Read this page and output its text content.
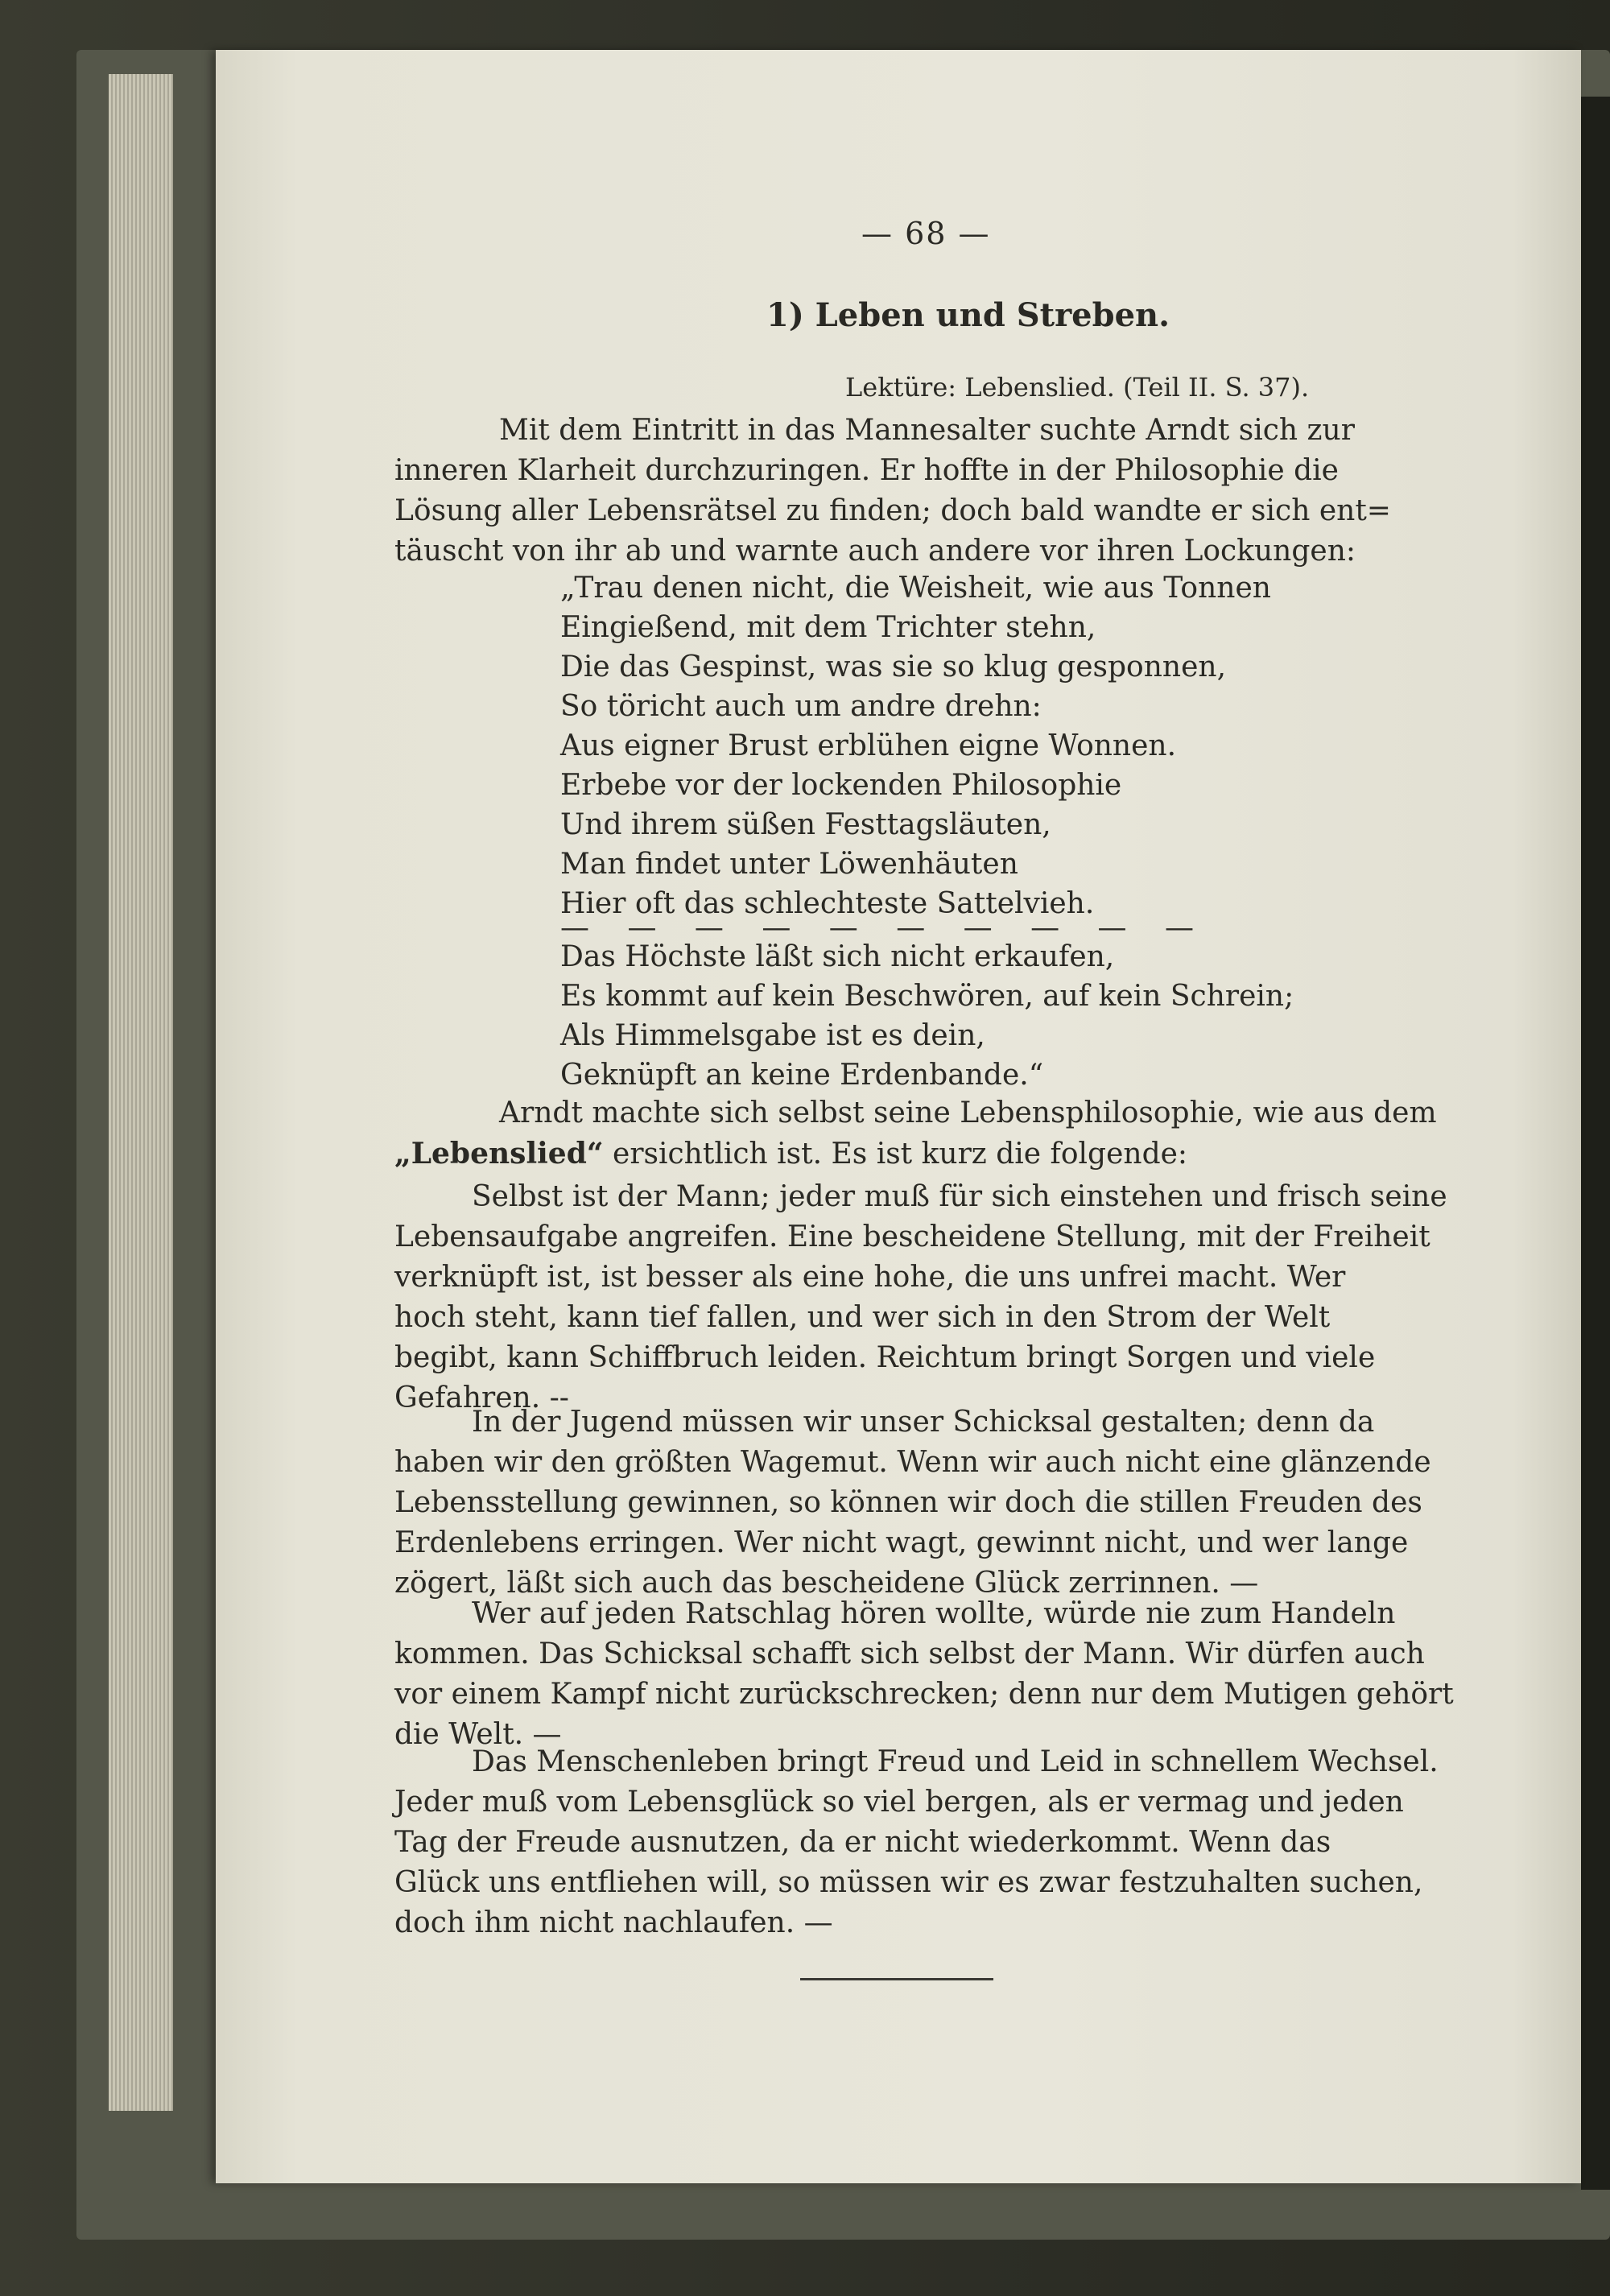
— 68 —
1) Leben und Streben.
Lektüre: Lebenslied. (Teil II. S. 37).
Mit dem Eintritt in das Mannesalter suchte Arndt sich zur
inneren Klarheit durchzuringen. Er hoffte in der Philosophie die
Lösung aller Lebensrätsel zu finden; doch bald wandte er sich ent=
täuscht von ihr ab und warnte auch andere vor ihren Lockungen:
„Trau denen nicht, die Weisheit, wie aus Tonnen
Eingießend, mit dem Trichter stehn,
Die das Gespinst, was sie so klug gesponnen,
So töricht auch um andre drehn:
Aus eigner Brust erblühen eigne Wonnen.
Erbebe vor der lockenden Philosophie
Und ihrem süßen Festtagsläuten,
Man findet unter Löwenhäuten
Hier oft das schlechteste Sattelvieh.
— — — — — — — — — —
Das Höchste läßt sich nicht erkaufen,
Es kommt auf kein Beschwören, auf kein Schrein;
Als Himmelsgabe ist es dein,
Geknüpft an keine Erdenbande.“
Arndt machte sich selbst seine Lebensphilosophie, wie aus dem
„Lebenslied“ ersichtlich ist. Es ist kurz die folgende:
Selbst ist der Mann; jeder muß für sich einstehen und frisch seine
Lebensaufgabe angreifen. Eine bescheidene Stellung, mit der Freiheit
verknüpft ist, ist besser als eine hohe, die uns unfrei macht. Wer
hoch steht, kann tief fallen, und wer sich in den Strom der Welt
begibt, kann Schiffbruch leiden. Reichtum bringt Sorgen und viele
Gefahren. --
In der Jugend müssen wir unser Schicksal gestalten; denn da
haben wir den größten Wagemut. Wenn wir auch nicht eine glänzende
Lebensstellung gewinnen, so können wir doch die stillen Freuden des
Erdenlebens erringen. Wer nicht wagt, gewinnt nicht, und wer lange
zögert, läßt sich auch das bescheidene Glück zerrinnen. —
Wer auf jeden Ratschlag hören wollte, würde nie zum Handeln
kommen. Das Schicksal schafft sich selbst der Mann. Wir dürfen auch
vor einem Kampf nicht zurückschrecken; denn nur dem Mutigen gehört
die Welt. —
Das Menschenleben bringt Freud und Leid in schnellem Wechsel.
Jeder muß vom Lebensglück so viel bergen, als er vermag und jeden
Tag der Freude ausnutzen, da er nicht wiederkommt. Wenn das
Glück uns entfliehen will, so müssen wir es zwar festzuhalten suchen,
doch ihm nicht nachlaufen. —
